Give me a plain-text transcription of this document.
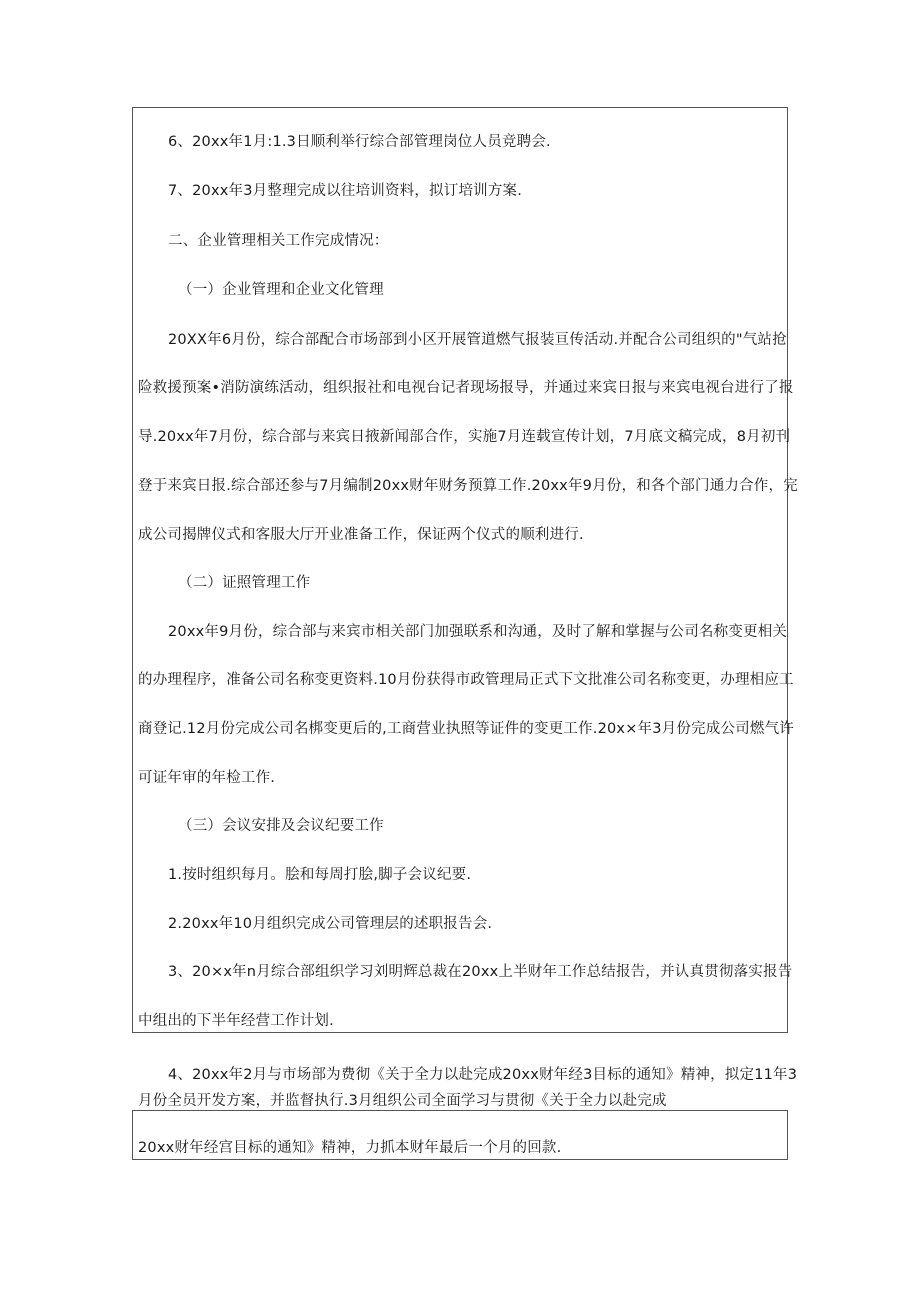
6、20xx年1月:1.3日顺利举行综合部管理岗位人员竞聘会.
7、20xx年3月整理完成以往培训资料，拟订培训方案.
二、企业管理相关工作完成情况：
（一）企业管理和企业文化管理
20XX年6月份，综合部配合市场部到小区开展管道燃气报装亘传活动.并配合公司组织的"气站抢
险救援预案•消防演练活动，组织报社和电视台记者现场报导，并通过来宾日报与来宾电视台进行了报
导.20xx年7月份，综合部与来宾日掖新闻部合作，实施7月连载宣传计划，7月底文稿完成，8月初刊
登于来宾日报.综合部还参与7月编制20xx财年财务预算工作.20xx年9月份，和各个部门通力合作，完
成公司揭牌仪式和客服大厅开业准备工作，保证两个仪式的顺利进行.
（二）证照管理工作
20xx年9月份，综合部与来宾市相关部门加强联系和沟通，及时了解和掌握与公司名称变更相关
的办理程序，准备公司名称变更资料.10月份获得市政管理局正式下文批准公司名称变更，办理相应工
商登记.12月份完成公司名梆变更后的,工商营业执照等证件的变更工作.20x×年3月份完成公司燃气许
可证年审的年检工作.
（三）会议安排及会议纪要工作
1.按时组织每月。脍和每周打脍,脚子会议纪要.
2.20xx年10月组织完成公司管理层的述职报告会.
3、20×x年n月综合部组织学习刘明辉总裁在20xx上半财年工作总结报告，并认真贯彻落实报告
中组出的下半年经营工作计划.
4、20xx年2月与市场部为费彻《关于全力以赴完成20xx财年经3目标的通知》精神，拟定11年3
月份全员开发方案，并监督执行.3月组织公司全面学习与贯彻《关于全力以赴完成
20xx财年经宫目标的通知》精神，力抓本财年最后一个月的回款.
